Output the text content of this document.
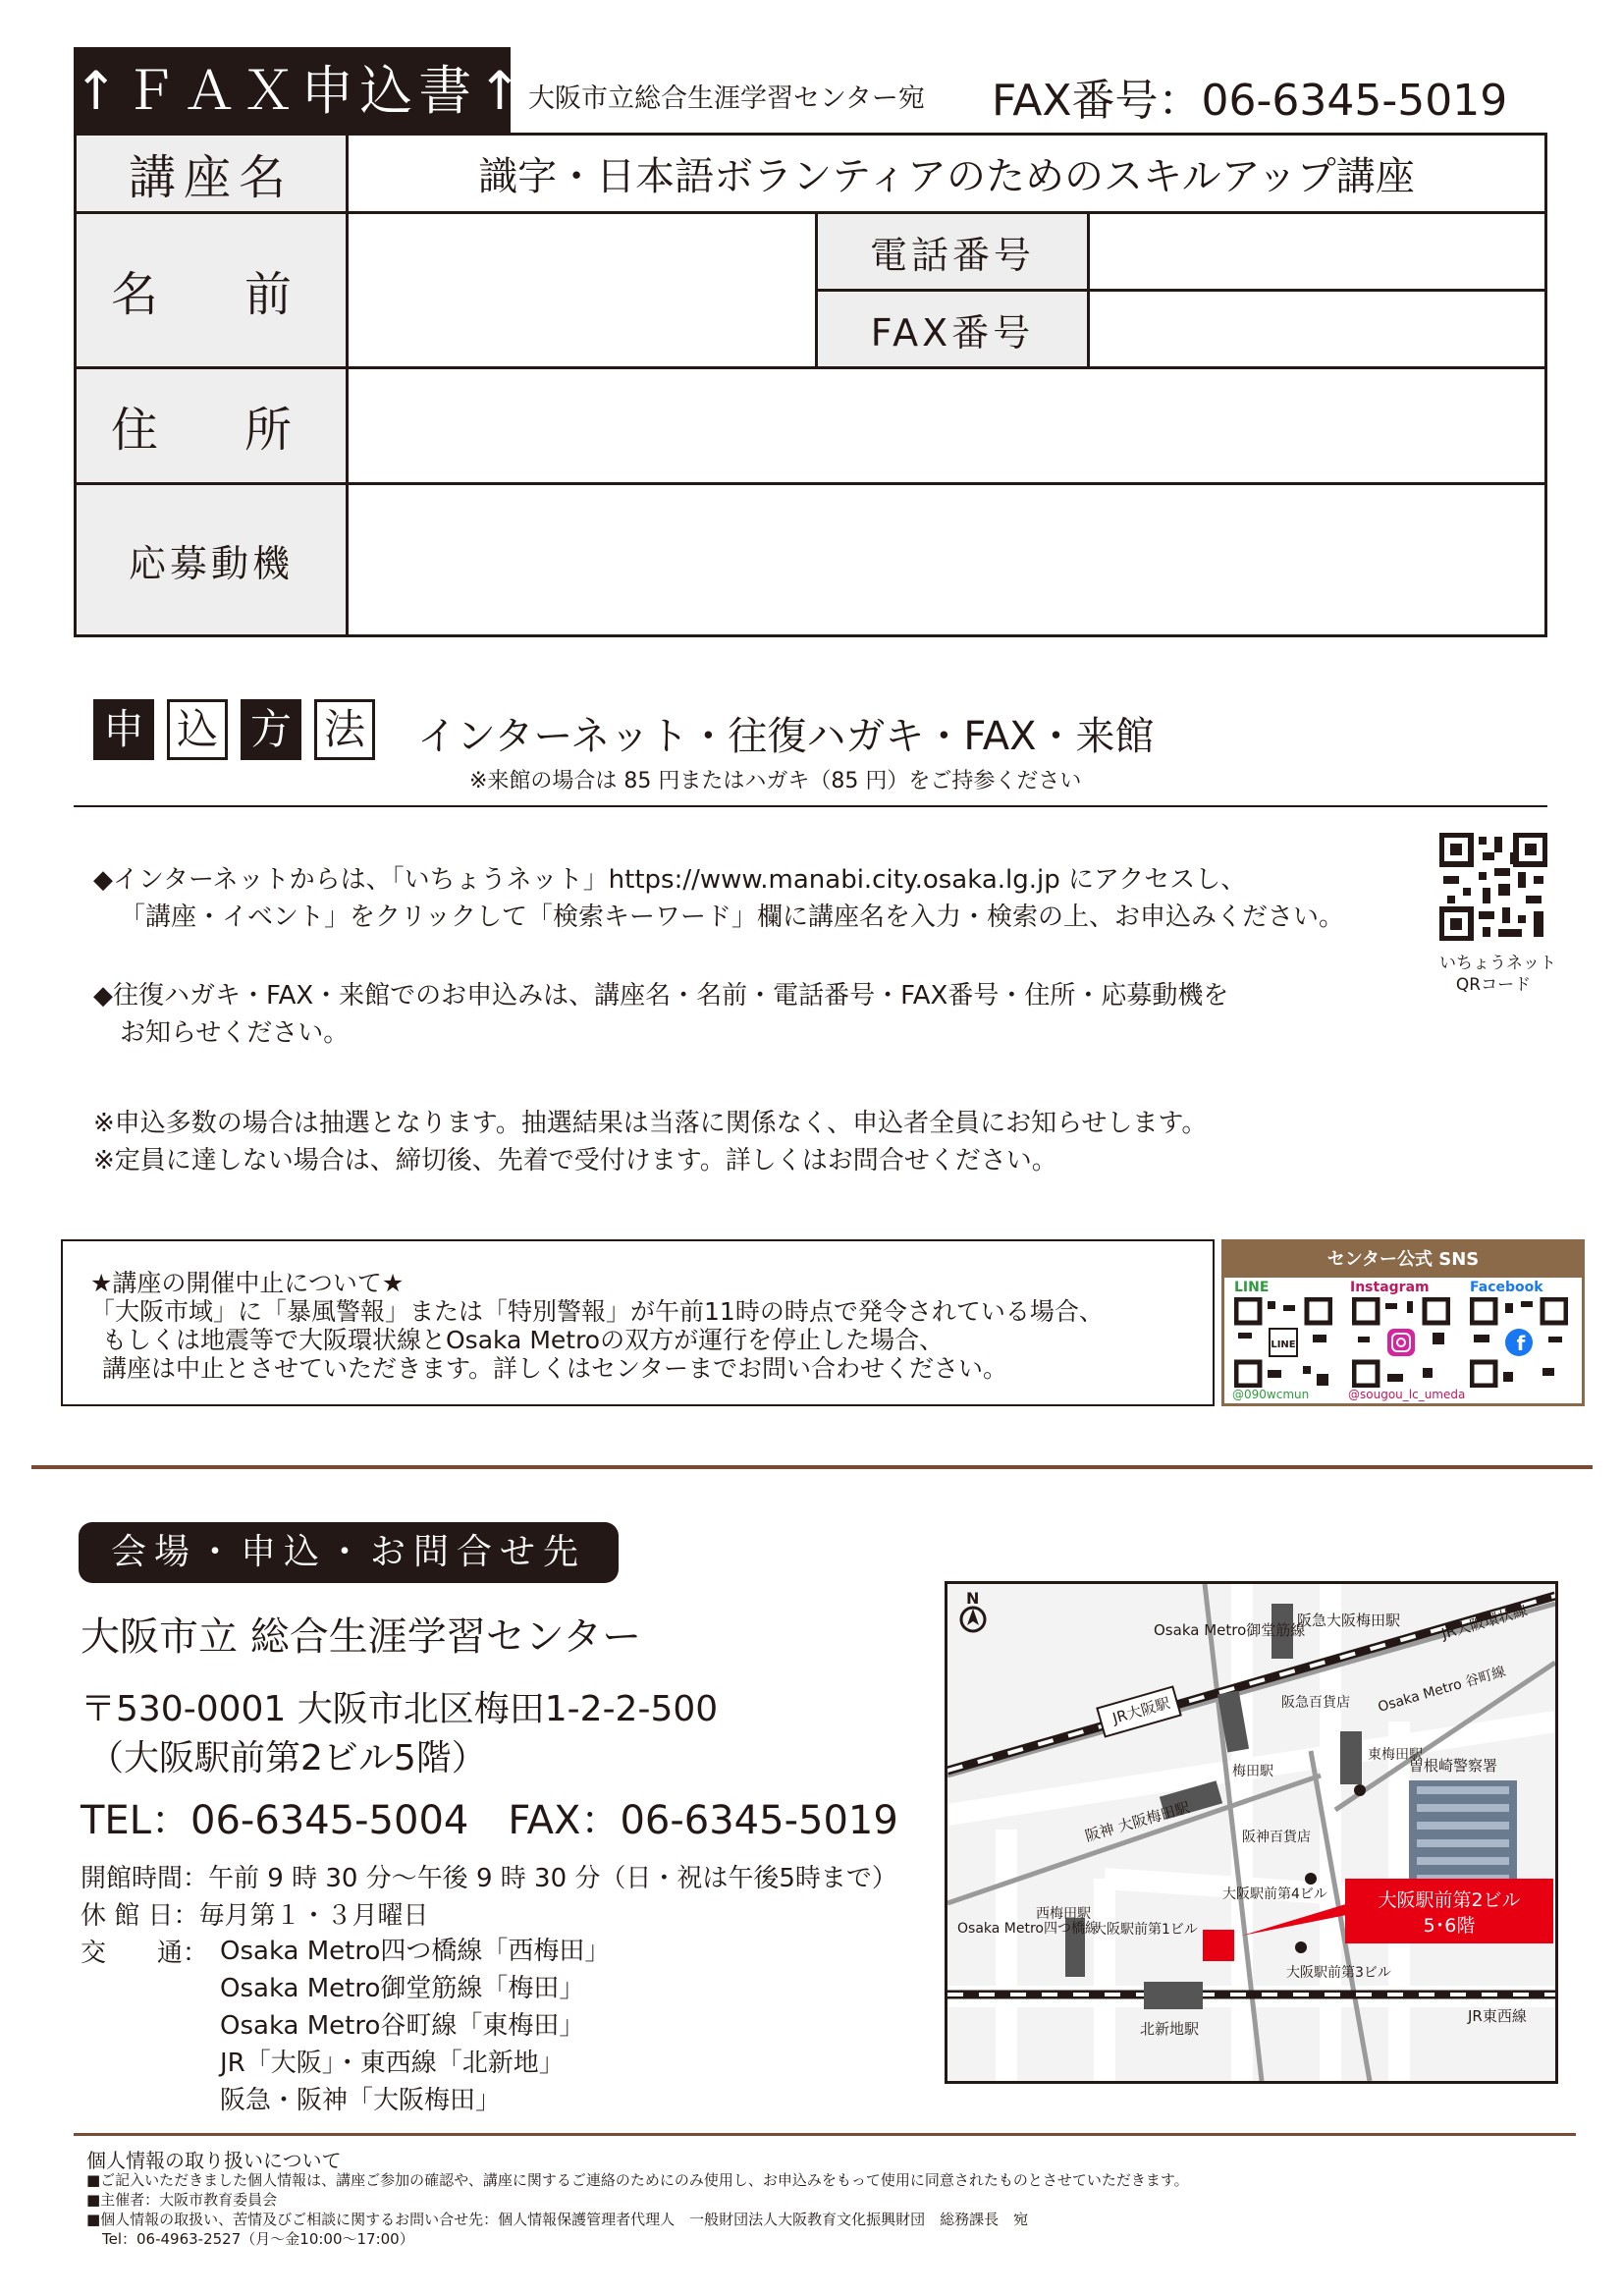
↑ＦＡＸ申込書↑ 大阪市立総合生涯学習センター宛 FAX番号：06-6345-5019
講座名	識字・日本語ボランティアのためのスキルアップ講座
名　前
電話番号
FAX番号
住　所
応募動機
申 込 方 法 インターネット・往復ハガキ・FAX・来館
※来館の場合は 85 円またはハガキ（85 円）をご持参ください
◆インターネットからは、「いちょうネット」https://www.manabi.city.osaka.lg.jp にアクセスし、
「講座・イベント」をクリックして「検索キーワード」欄に講座名を入力・検索の上、お申込みください。
◆往復ハガキ・FAX・来館でのお申込みは、講座名・名前・電話番号・FAX番号・住所・応募動機を
お知らせください。
※申込多数の場合は抽選となります。抽選結果は当落に関係なく、申込者全員にお知らせします。
※定員に達しない場合は、締切後、先着で受付けます。詳しくはお問合せください。
いちょうネット
QRコード
★講座の開催中止について★
「大阪市域」に「暴風警報」または「特別警報」が午前11時の時点で発令されている場合、
もしくは地震等で大阪環状線とOsaka Metroの双方が運行を停止した場合、
講座は中止とさせていただきます。詳しくはセンターまでお問い合わせください。
センター公式 SNS
LINE	Instagram	Facebook
LINE	f
@090wcmun	@sougou_lc_umeda
会場・申込・お問合せ先
大阪市立 総合生涯学習センター
〒530-0001 大阪市北区梅田1-2-2-500
（大阪駅前第2ビル5階）
TEL：06-6345-5004　FAX：06-6345-5019
開館時間：午前 9 時 30 分～午後 9 時 30 分（日・祝は午後5時まで）
休 館 日：毎月第１・３月曜日
交　　通： Osaka Metro四つ橋線「西梅田」
Osaka Metro御堂筋線「梅田」
Osaka Metro谷町線「東梅田」
JR「大阪」・東西線「北新地」
阪急・阪神「大阪梅田」
N
Osaka Metro御堂筋線
阪急大阪梅田駅	JR大阪環状線
JR大阪駅	阪急百貨店
梅田駅
Osaka Metro 谷町線
東梅田駅
曽根崎警察署
阪神 大阪梅田駅	阪神百貨店
大阪駅前第4ビル	大阪駅前第2ビル
5･6階
Osaka Metro四つ橋線
西梅田駅
大阪駅前第1ビル
大阪駅前第3ビル
北新地駅
JR東西線
個人情報の取り扱いについて
■ご記入いただきました個人情報は、講座ご参加の確認や、講座に関するご連絡のためにのみ使用し、お申込みをもって使用に同意されたものとさせていただきます。
■主催者：大阪市教育委員会
■個人情報の取扱い、苦情及びご相談に関するお問い合せ先：個人情報保護管理者代理人　一般財団法人大阪教育文化振興財団　総務課長　宛
Tel：06-4963-2527（月～金10:00～17:00）
